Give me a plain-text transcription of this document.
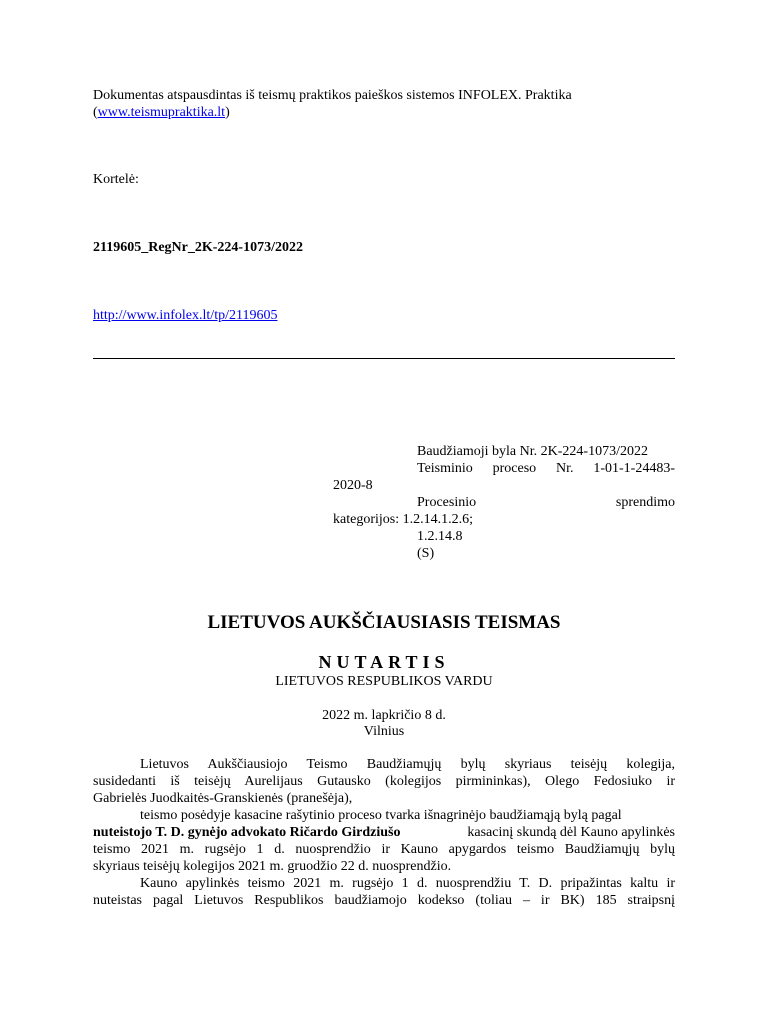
Dokumentas atspausdintas iš teismų praktikos paieškos sistemos INFOLEX. Praktika
(www.teismupraktika.lt)
Kortelė:
2119605_RegNr_2K-224-1073/2022
http://www.infolex.lt/tp/2119605
Baudžiamoji byla Nr. 2K-224-1073/2022
Teisminio proceso Nr. 1-01-1-24483-
2020-8
Procesinio	sprendimo
kategorijos: 1.2.14.1.2.6;
1.2.14.8
(S)
LIETUVOS AUKŠČIAUSIASIS TEISMAS
NUTARTIS
LIETUVOS RESPUBLIKOS VARDU
2022 m. lapkričio 8 d.
Vilnius
Lietuvos Aukščiausiojo Teismo Baudžiamųjų bylų skyriaus teisėjų kolegija,
susidedanti iš teisėjų Aurelijaus Gutausko (kolegijos pirmininkas), Olego Fedosiuko ir
Gabrielės Juodkaitės-Granskienės (pranešėja),
teismo posėdyje kasacine rašytinio proceso tvarka išnagrinėjo baudžiamąją bylą pagal
nuteistojo T. D. gynėjo advokato Ričardo Girdziušo	kasacinį skundą dėl Kauno apylinkės
teismo 2021 m. rugsėjo 1 d. nuosprendžio ir Kauno apygardos teismo Baudžiamųjų bylų
skyriaus teisėjų kolegijos 2021 m. gruodžio 22 d. nuosprendžio.
Kauno apylinkės teismo 2021 m. rugsėjo 1 d. nuosprendžiu T. D. pripažintas kaltu ir
nuteistas pagal Lietuvos Respublikos baudžiamojo kodekso (toliau – ir BK) 185 straipsnį
